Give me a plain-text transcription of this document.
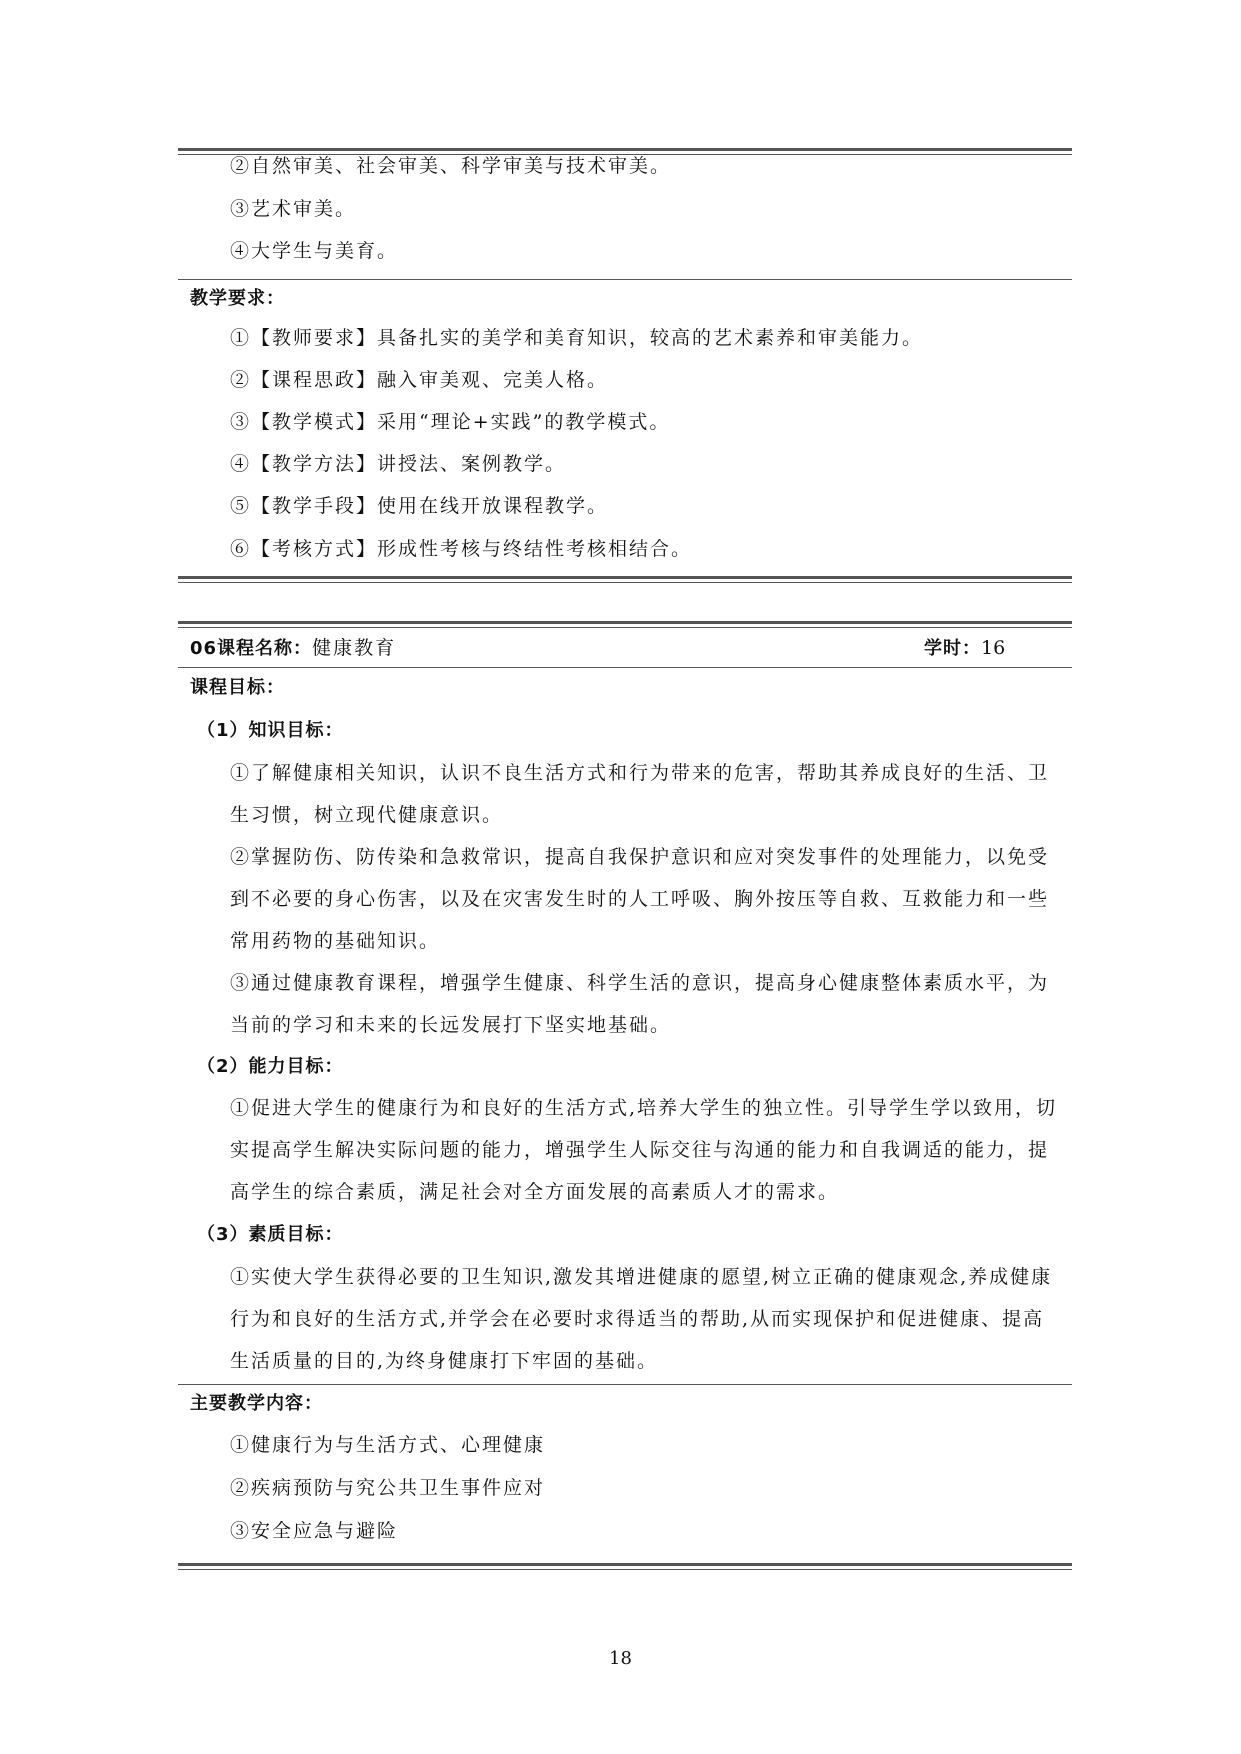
②自然审美、社会审美、科学审美与技术审美。
③艺术审美。
④大学生与美育。
教学要求：
①【教师要求】具备扎实的美学和美育知识，较高的艺术素养和审美能力。
②【课程思政】融入审美观、完美人格。
③【教学模式】采用“理论+实践”的教学模式。
④【教学方法】讲授法、案例教学。
⑤【教学手段】使用在线开放课程教学。
⑥【考核方式】形成性考核与终结性考核相结合。
06课程名称：健康教育	学时：16
课程目标：
（1）知识目标：
①了解健康相关知识，认识不良生活方式和行为带来的危害，帮助其养成良好的生活、卫生习惯，树立现代健康意识。
②掌握防伤、防传染和急救常识，提高自我保护意识和应对突发事件的处理能力，以免受到不必要的身心伤害，以及在灾害发生时的人工呼吸、胸外按压等自救、互救能力和一些常用药物的基础知识。
③通过健康教育课程，增强学生健康、科学生活的意识，提高身心健康整体素质水平，为当前的学习和未来的长远发展打下坚实地基础。
（2）能力目标：
①促进大学生的健康行为和良好的生活方式,培养大学生的独立性。引导学生学以致用，切实提高学生解决实际问题的能力，增强学生人际交往与沟通的能力和自我调适的能力，提高学生的综合素质，满足社会对全方面发展的高素质人才的需求。
（3）素质目标：
①实使大学生获得必要的卫生知识,激发其增进健康的愿望,树立正确的健康观念,养成健康行为和良好的生活方式,并学会在必要时求得适当的帮助,从而实现保护和促进健康、提高生活质量的目的,为终身健康打下牢固的基础。
主要教学内容：
①健康行为与生活方式、心理健康
②疾病预防与究公共卫生事件应对
③安全应急与避险
18
